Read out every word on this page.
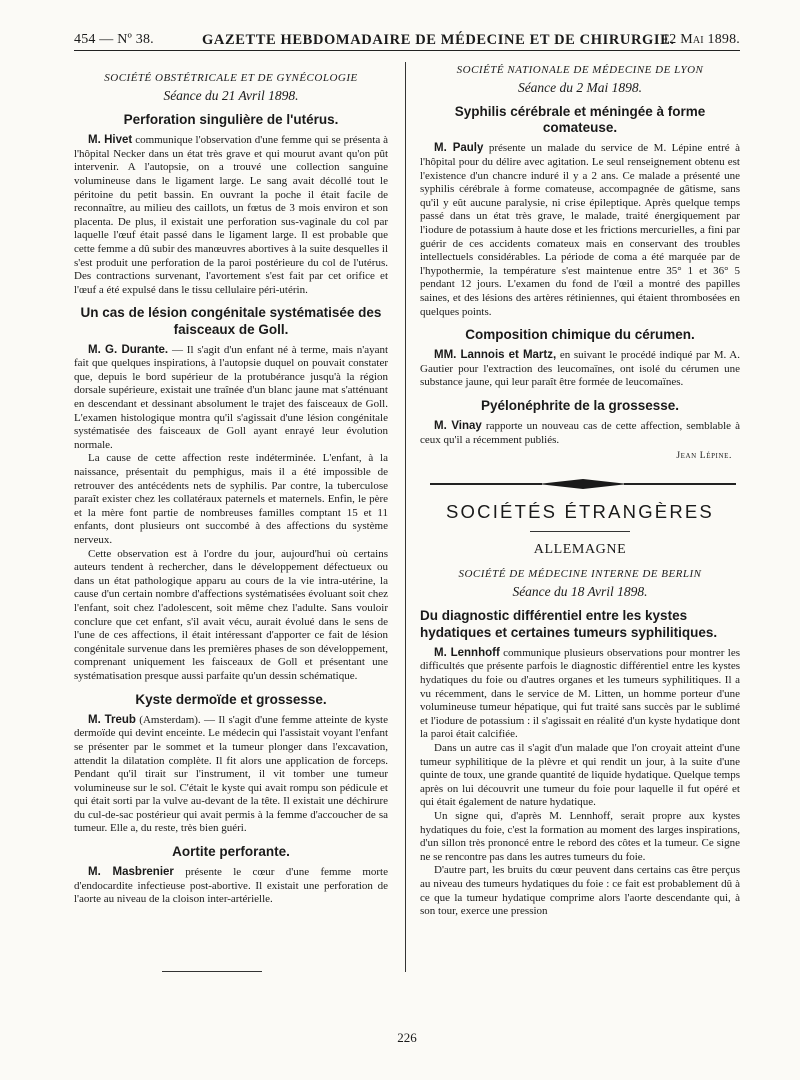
454 — Nº 38.	GAZETTE HEBDOMADAIRE DE MÉDECINE ET DE CHIRURGIE.
12 Mai 1898.
SOCIÉTÉ OBSTÉTRICALE ET DE GYNÉCOLOGIE
Séance du 21 Avril 1898.
Perforation singulière de l'utérus.

M. Hivet communique l'observation d'une femme qui se présenta à l'hôpital Necker dans un état très grave et qui mourut avant qu'on pût intervenir. A l'autopsie, on a trouvé une collection sanguine volumineuse dans le ligament large. Le sang avait décollé tout le péritoine du petit bassin. En ouvrant la poche il était facile de reconnaître, au milieu des caillots, un fœtus de 3 mois environ et son placenta. De plus, il existait une perforation sus-vaginale du col par laquelle l'œuf était passé dans le ligament large. Il est probable que cette femme a dû subir des manœuvres abortives à la suite desquelles il s'est produit une perforation de la paroi postérieure du col de l'utérus. Des contractions survenant, l'avortement s'est fait par cet orifice et l'œuf a été expulsé dans le tissu cellulaire péri-utérin.

Un cas de lésion congénitale systématisée des faisceaux de Goll.

M. G. Durante. — Il s'agit d'un enfant né à terme, mais n'ayant fait que quelques inspirations, à l'autopsie duquel on pouvait constater que, depuis le bord supérieur de la protubérance jusqu'à la région dorsale supérieure, existait une traînée d'un blanc jaune mat s'atténuant en descendant et dessinant absolument le trajet des faisceaux de Goll. L'examen histologique montra qu'il s'agissait d'une lésion congénitale systématisée des faisceaux de Goll ayant enrayé leur évolution normale.

La cause de cette affection reste indéterminée. L'enfant, à la naissance, présentait du pemphigus, mais il a été impossible de retrouver des antécédents nets de syphilis. Par contre, la tuberculose paraît exister chez les collatéraux paternels et maternels. Enfin, le père et la mère font partie de nombreuses familles comptant 15 et 11 enfants, dont plusieurs ont succombé à des affections du système nerveux.

Cette observation est à l'ordre du jour, aujourd'hui où certains auteurs tendent à rechercher, dans le développement défectueux ou dans un état pathologique apparu au cours de la vie intra-utérine, la cause d'un certain nombre d'affections systématisées évoluant soit chez l'enfant, soit chez l'adolescent, soit même chez l'adulte. Sans vouloir conclure que cet enfant, s'il avait vécu, aurait évolué dans le sens de l'une de ces affections, il était intéressant d'apporter ce fait de lésion congénitale survenue dans les premières phases de son développement, comprenant uniquement les faisceaux de Goll et présentant une systématisation presque aussi parfaite qu'un dessin schématique.

Kyste dermoïde et grossesse.

M. Treub (Amsterdam). — Il s'agit d'une femme atteinte de kyste dermoïde qui devint enceinte. Le médecin qui l'assistait voyant l'enfant se présenter par le sommet et la tumeur plonger dans l'excavation, attendit la dilatation complète. Il fit alors une application de forceps. Pendant qu'il tirait sur l'instrument, il vit tomber une tumeur volumineuse sur le sol. C'était le kyste qui avait rompu son pédicule et qui était sorti par la vulve au-devant de la tête. Il existait une déchirure du cul-de-sac postérieur qui avait permis à la femme d'accoucher de sa tumeur. Elle a, du reste, très bien guéri.

Aortite perforante.

M. Masbrenier présente le cœur d'une femme morte d'endocardite infectieuse post-abortive. Il existait une perforation de l'aorte au niveau de la cloison inter-artérielle.

SOCIÉTÉ NATIONALE DE MÉDECINE DE LYON
Séance du 2 Mai 1898.
Syphilis cérébrale et méningée à forme comateuse.

M. Pauly présente un malade du service de M. Lépine entré à l'hôpital pour du délire avec agitation. Le seul renseignement obtenu est l'existence d'un chancre induré il y a 2 ans. Ce malade a présenté une syphilis cérébrale à forme comateuse, accompagnée de gâtisme, sans qu'il y eût aucune paralysie, ni crise épileptique. Après quelque temps passé dans un état très grave, le malade, traité énergiquement par l'iodure de potassium à haute dose et les frictions mercurielles, a fini par guérir de ces accidents comateux mais en conservant des troubles intellectuels considérables. La période de coma a été marquée par de l'hypothermie, la température s'est maintenue entre 35° 1 et 36° 5 pendant 12 jours. L'examen du fond de l'œil a montré des papilles saines, et des lésions des artères rétiniennes, qui étaient thrombosées en quelques points.

Composition chimique du cérumen.

MM. Lannois et Martz, en suivant le procédé indiqué par M. A. Gautier pour l'extraction des leucomaïnes, ont isolé du cérumen une substance jaune, qui leur paraît être formée de leucomaïnes.

Pyélonéphrite de la grossesse.

M. Vinay rapporte un nouveau cas de cette affection, semblable à ceux qu'il a récemment publiés.

Jean Lépine.
SOCIÉTÉS ÉTRANGÈRES
ALLEMAGNE
SOCIÉTÉ DE MÉDECINE INTERNE DE BERLIN
Séance du 18 Avril 1898.
Du diagnostic différentiel entre les kystes hydatiques et certaines tumeurs syphilitiques.

M. Lennhoff communique plusieurs observations pour montrer les difficultés que présente parfois le diagnostic différentiel entre les kystes hydatiques du foie ou d'autres organes et les tumeurs syphilitiques. Il a vu récemment, dans le service de M. Litten, un homme porteur d'une volumineuse tumeur hépatique, qui fut traité sans succès par le sublimé et l'iodure de potassium : il s'agissait en réalité d'un kyste hydatique dont la paroi était calcifiée.

Dans un autre cas il s'agit d'un malade que l'on croyait atteint d'une tumeur syphilitique de la plèvre et qui rendit un jour, à la suite d'une quinte de toux, une grande quantité de liquide hydatique. Quelque temps après on lui découvrit une tumeur du foie pour laquelle il fut opéré et qui était également de nature hydatique.

Un signe qui, d'après M. Lennhoff, serait propre aux kystes hydatiques du foie, c'est la formation au moment des larges inspirations, d'un sillon très prononcé entre le rebord des côtes et la tumeur. Ce signe ne se rencontre pas dans les autres tumeurs du foie.

D'autre part, les bruits du cœur peuvent dans certains cas être perçus au niveau des tumeurs hydatiques du foie : ce fait est probablement dû à ce que la tumeur hydatique comprime alors l'aorte descendante qui, à son tour, exerce une pression

226
